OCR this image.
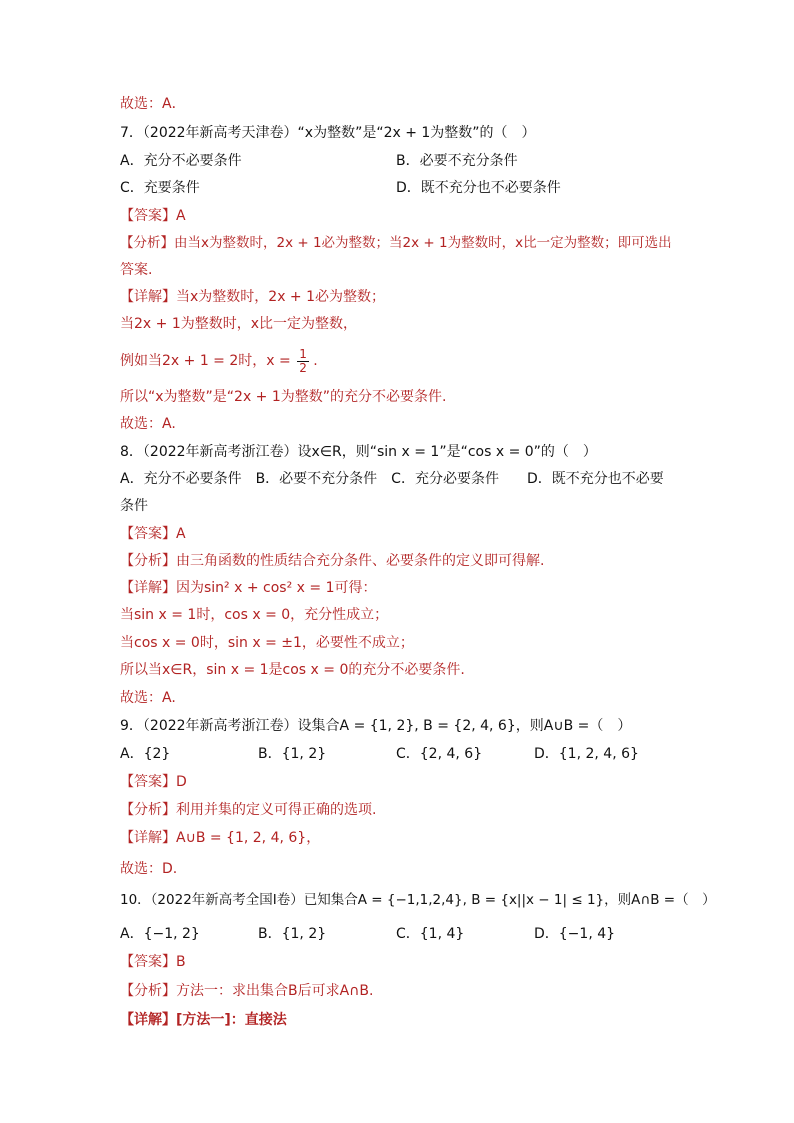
故选：A．
7．（2022年新高考天津卷）“x为整数”是“2x + 1为整数”的（　）
A．充分不必要条件	B．必要不充分条件
C．充要条件	D．既不充分也不必要条件
【答案】A
【分析】由当x为整数时，2x + 1必为整数；当2x + 1为整数时，x比一定为整数；即可选出
答案.
【详解】当x为整数时，2x + 1必为整数；
当2x + 1为整数时，x比一定为整数，
例如当2x + 1 = 2时，$x = \frac{1}{2}$ .
所以“x为整数”是“2x + 1为整数”的充分不必要条件.
故选：A.
8．（2022年新高考浙江卷）设x∈R，则“sin x = 1”是“cos x = 0”的（　）
A．充分不必要条件　B．必要不充分条件　C．充分必要条件　　D．既不充分也不必要
条件
【答案】A
【分析】由三角函数的性质结合充分条件、必要条件的定义即可得解.
【详解】因为sin² x + cos² x = 1可得：
当sin x = 1时，cos x = 0，充分性成立；
当cos x = 0时，sin x = ±1，必要性不成立；
所以当x∈R，sin x = 1是cos x = 0的充分不必要条件.
故选：A.
9．（2022年新高考浙江卷）设集合A = {1, 2}, B = {2, 4, 6}，则A∪B =（　）
A．{2}	B．{1, 2}	C．{2, 4, 6}	D．{1, 2, 4, 6}
【答案】D
【分析】利用并集的定义可得正确的选项.
【详解】A∪B = {1, 2, 4, 6}，
故选：D.
10．（2022年新高考全国I卷）已知集合A = {−1,1,2,4}, B = {x||x − 1| ≤ 1}，则A∩B =（　）
A．{−1, 2}	B．{1, 2}	C．{1, 4}	D．{−1, 4}
【答案】B
【分析】方法一：求出集合B后可求A∩B.
【详解】[方法一]：直接法
